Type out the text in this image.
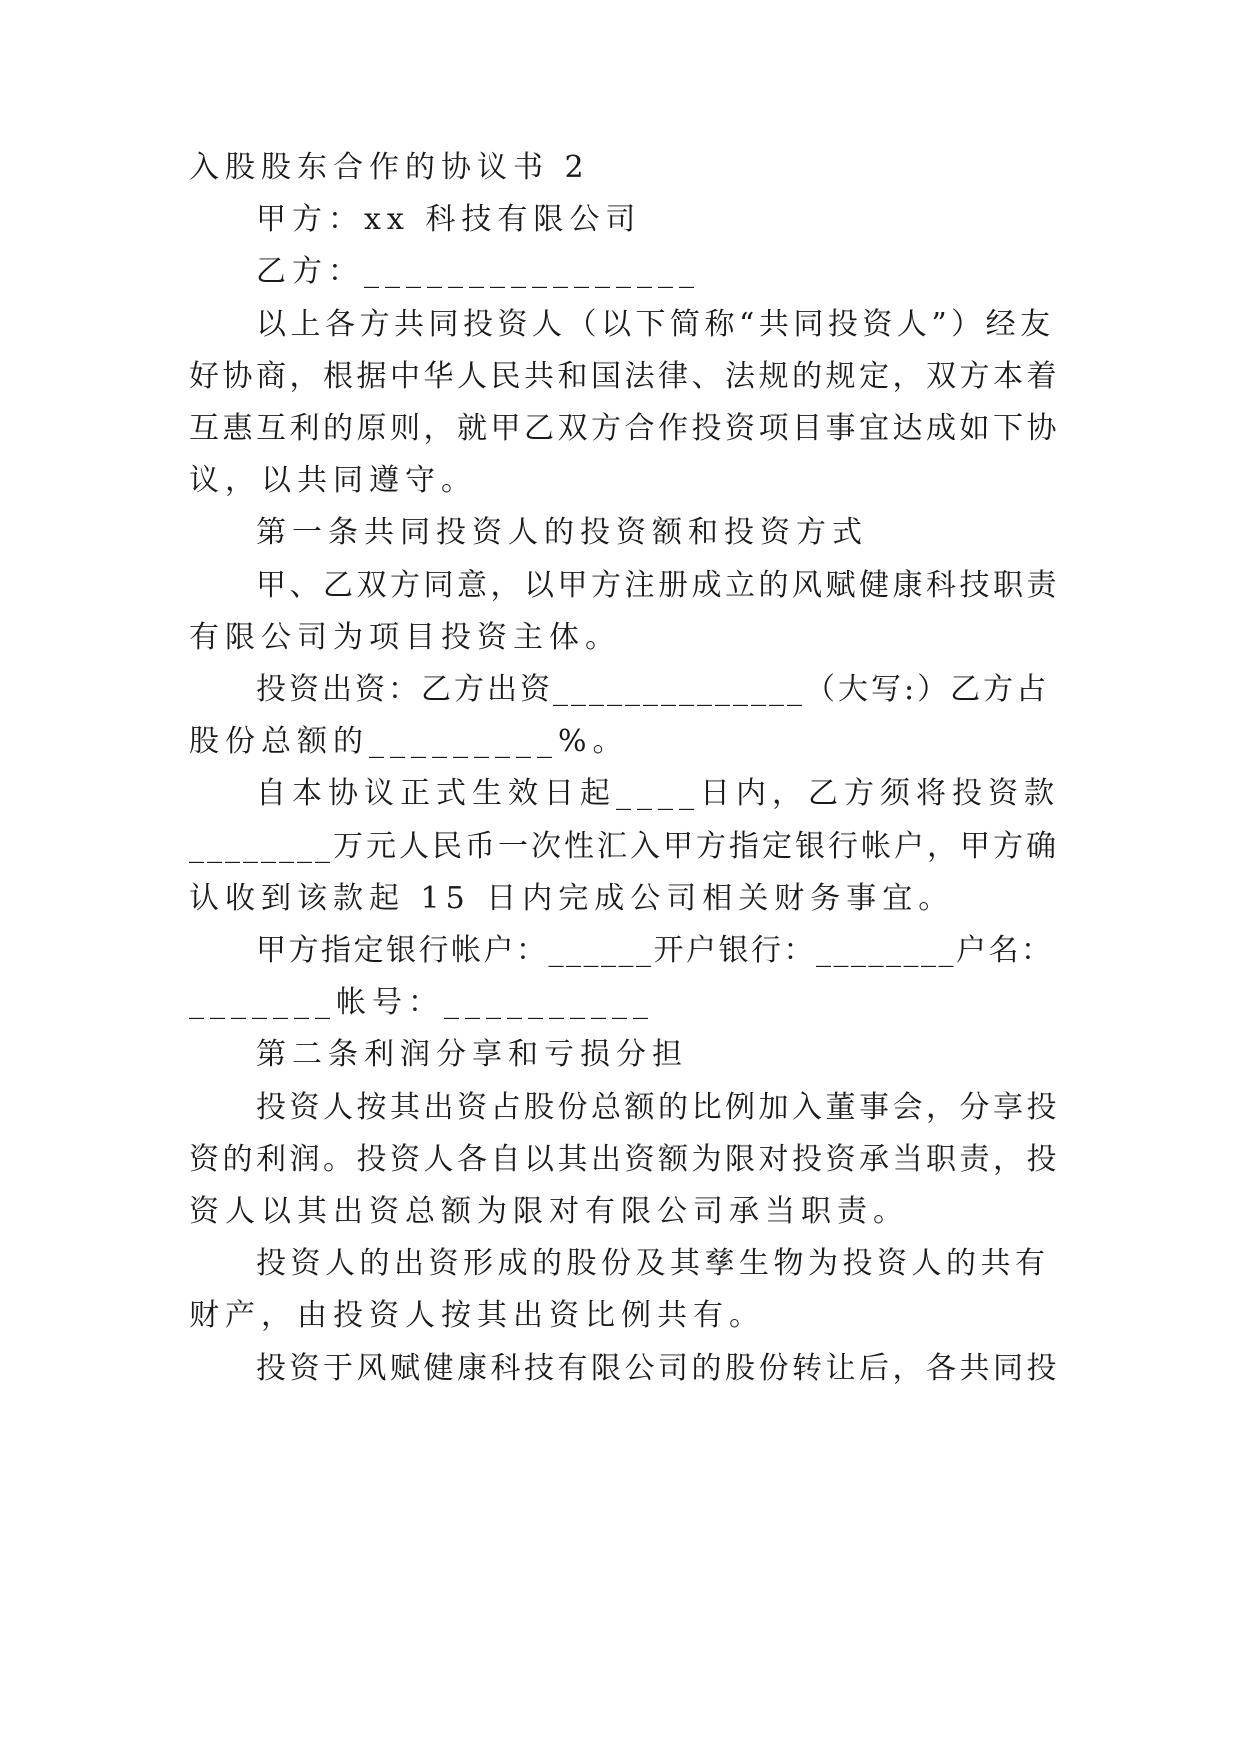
入股股东合作的协议书 2
甲方：xx 科技有限公司
乙方：________________
以上各方共同投资人（以下简称“共同投资人”）经友
好协商，根据中华人民共和国法律、法规的规定，双方本着
互惠互利的原则，就甲乙双方合作投资项目事宜达成如下协
议，以共同遵守。
第一条共同投资人的投资额和投资方式
甲、乙双方同意，以甲方注册成立的风赋健康科技职责
有限公司为项目投资主体。
投资出资：乙方出资______________（大写:）乙方占
股份总额的_________%。
自本协议正式生效日起____日内，乙方须将投资款
________万元人民币一次性汇入甲方指定银行帐户，甲方确
认收到该款起 15 日内完成公司相关财务事宜。
甲方指定银行帐户：______开户银行：________户名：
_______帐号：__________
第二条利润分享和亏损分担
投资人按其出资占股份总额的比例加入董事会，分享投
资的利润。投资人各自以其出资额为限对投资承当职责，投
资人以其出资总额为限对有限公司承当职责。
投资人的出资形成的股份及其孳生物为投资人的共有
财产，由投资人按其出资比例共有。
投资于风赋健康科技有限公司的股份转让后，各共同投
